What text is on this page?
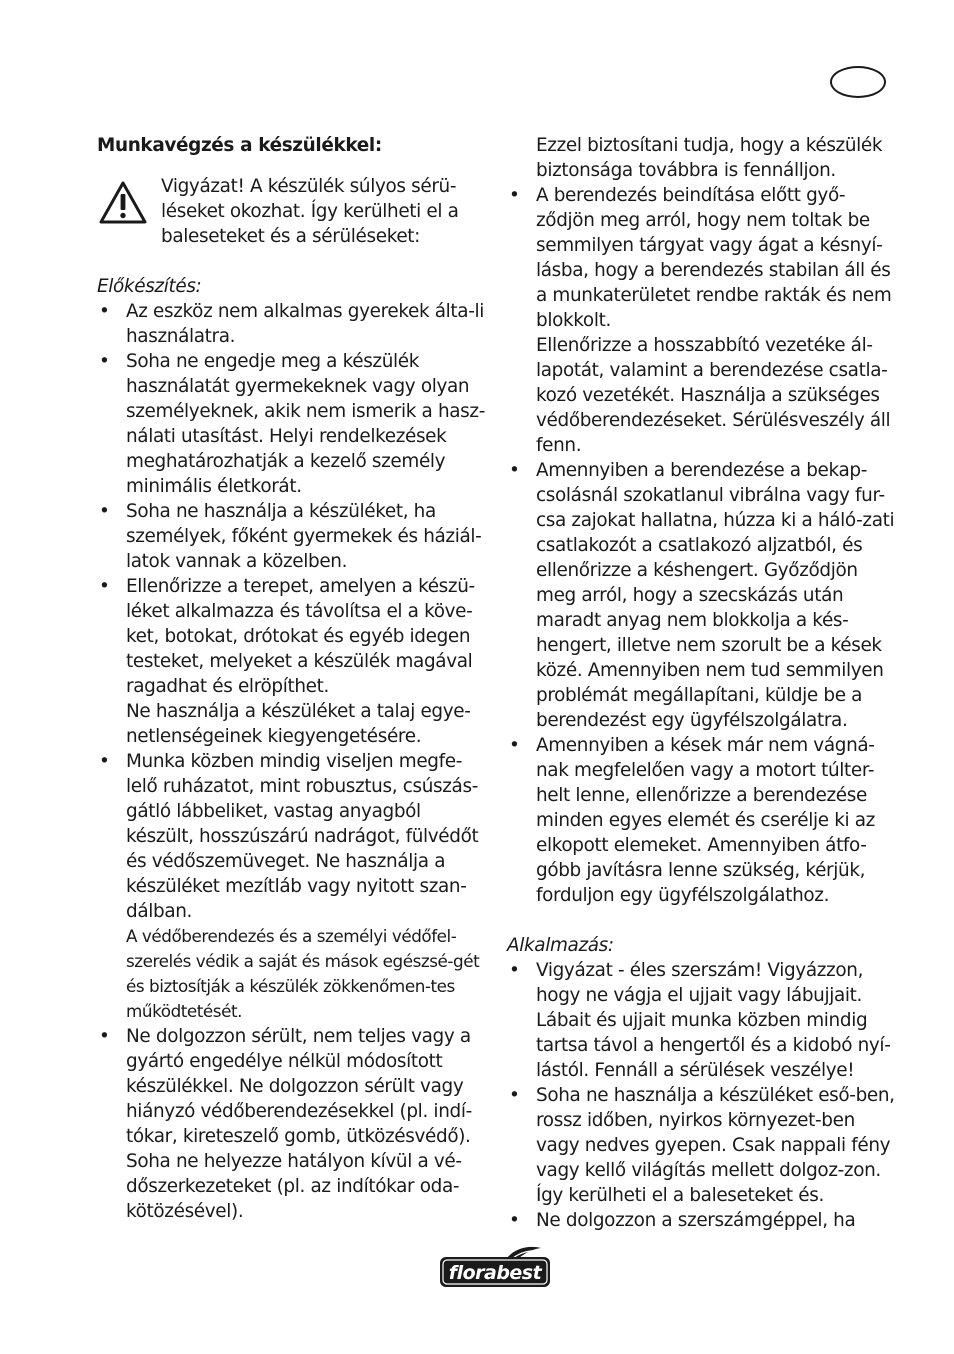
Munkavégzés a készülékkel:
Vigyázat! A készülék súlyos sérü-léseket okozhat. Így kerülheti el a baleseteket és a sérüléseket:
Előkészítés:
• Az eszköz nem alkalmas gyerekek álta-li használatra.
• Soha ne engedje meg a készülék használatát gyermekeknek vagy olyan személyeknek, akik nem ismerik a hasz-nálati utasítást. Helyi rendelkezések meghatározhatják a kezelő személy minimális életkorát.
• Soha ne használja a készüléket, ha személyek, főként gyermekek és háziál-latok vannak a közelben.
• Ellenőrizze a terepet, amelyen a készü-léket alkalmazza és távolítsa el a köve-ket, botokat, drótokat és egyéb idegen testeket, melyeket a készülék magával ragadhat és elröpíthet.
Ne használja a készüléket a talaj egye-netlenségeinek kiegyengetésére.
• Munka közben mindig viseljen megfe-lelő ruházatot, mint robusztus, csúszás-gátló lábbeliket, vastag anyagból készült, hosszúszárú nadrágot, fülvédőt és védőszemüveget. Ne használja a készüléket mezítláb vagy nyitott szan-dálban.
A védőberendezés és a személyi védőfel-szerelés védik a saját és mások egészsé-gét és biztosítják a készülék zökkenőmen-tes működtetését.
• Ne dolgozzon sérült, nem teljes vagy a gyártó engedélye nélkül módosított készülékkel. Ne dolgozzon sérült vagy hiányzó védőberendezésekkel (pl. indí-tókar, kireteszelő gomb, ütközésvédő). Soha ne helyezze hatályon kívül a vé-dőszerkezeteket (pl. az indítókar oda-kötözésével).
Ezzel biztosítani tudja, hogy a készülék biztonsága továbbra is fennálljon.
• A berendezés beindítása előtt győ-ződjön meg arról, hogy nem toltak be semmilyen tárgyat vagy ágat a késnyí-lásba, hogy a berendezés stabilan áll és a munkaterületet rendbe rakták és nem blokkolt.
Ellenőrizze a hosszabbító vezetéke ál-lapotát, valamint a berendezése csatla-kozó vezetékét. Használja a szükséges védőberendezéseket. Sérülésveszély áll fenn.
• Amennyiben a berendezése a bekap-csolásnál szokatlanul vibrálna vagy fur-csa zajokat hallatna, húzza ki a háló-zati csatlakozót a csatlakozó aljzatból, és ellenőrizze a késhengert. Győződjön meg arról, hogy a szecskázás után maradt anyag nem blokkolja a kés-hengert, illetve nem szorult be a kések közé. Amennyiben nem tud semmilyen problémát megállapítani, küldje be a berendezést egy ügyfélszolgálatra.
• Amennyiben a kések már nem vágná-nak megfelelően vagy a motort túlter-helt lenne, ellenőrizze a berendezése minden egyes elemét és cserélje ki az elkopott elemeket. Amennyiben átfo-góbb javításra lenne szükség, kérjük, forduljon egy ügyfélszolgálathoz.
Alkalmazás:
• Vigyázat - éles szerszám! Vigyázzon, hogy ne vágja el ujjait vagy lábujjait. Lábait és ujjait munka közben mindig tartsa távol a hengertől és a kidobó nyí-lástól. Fennáll a sérülések veszélye!
• Soha ne használja a készüléket eső-ben, rossz időben, nyirkos környezet-ben vagy nedves gyepen. Csak nappali fény vagy kellő világítás mellett dolgoz-zon. Így kerülheti el a baleseteket és.
• Ne dolgozzon a szerszámgéppel, ha
florabest
